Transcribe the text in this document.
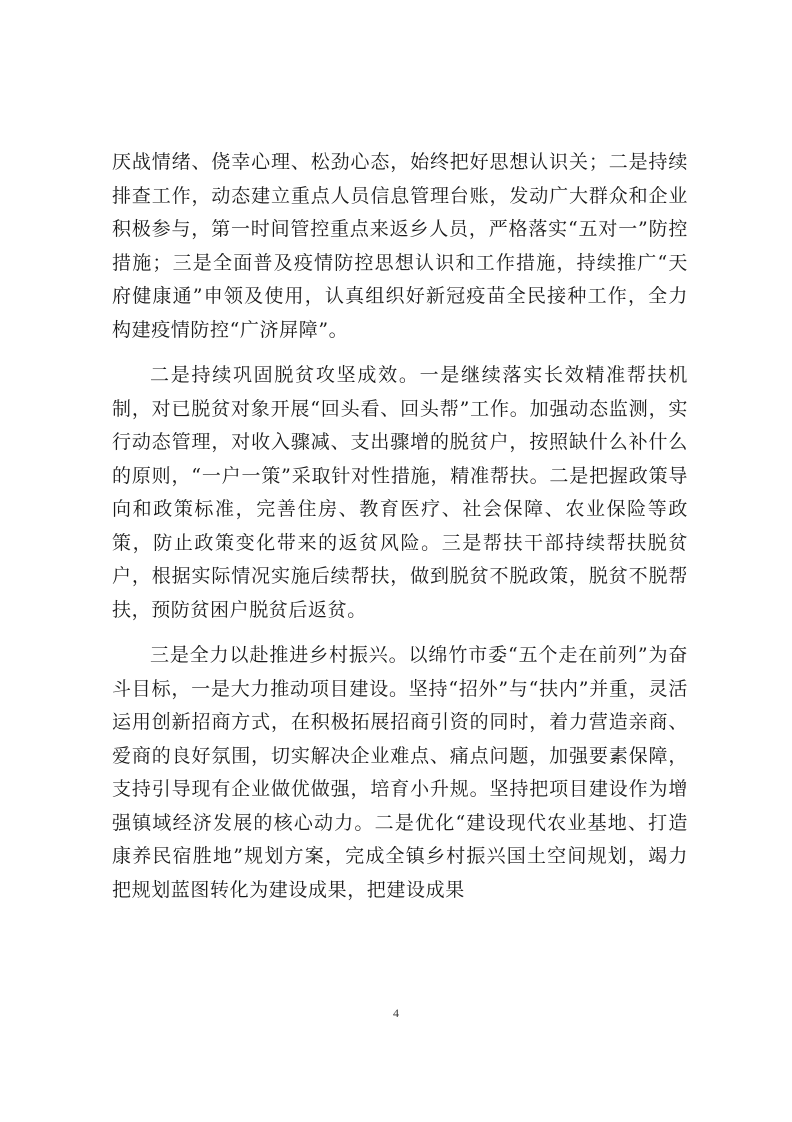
厌战情绪、侥幸心理、松劲心态，始终把好思想认识关；二是持续排查工作，动态建立重点人员信息管理台账，发动广大群众和企业积极参与，第一时间管控重点来返乡人员，严格落实“五对一”防控措施；三是全面普及疫情防控思想认识和工作措施，持续推广“天府健康通”申领及使用，认真组织好新冠疫苗全民接种工作，全力构建疫情防控“广济屏障”。

二是持续巩固脱贫攻坚成效。一是继续落实长效精准帮扶机制，对已脱贫对象开展“回头看、回头帮”工作。加强动态监测，实行动态管理，对收入骤减、支出骤增的脱贫户，按照缺什么补什么的原则，“一户一策”采取针对性措施，精准帮扶。二是把握政策导向和政策标准，完善住房、教育医疗、社会保障、农业保险等政策，防止政策变化带来的返贫风险。三是帮扶干部持续帮扶脱贫户，根据实际情况实施后续帮扶，做到脱贫不脱政策，脱贫不脱帮扶，预防贫困户脱贫后返贫。

三是全力以赴推进乡村振兴。以绵竹市委“五个走在前列”为奋斗目标，一是大力推动项目建设。坚持“招外”与“扶内”并重，灵活运用创新招商方式，在积极拓展招商引资的同时，着力营造亲商、爱商的良好氛围，切实解决企业难点、痛点问题，加强要素保障，支持引导现有企业做优做强，培育小升规。坚持把项目建设作为增强镇域经济发展的核心动力。二是优化“建设现代农业基地、打造康养民宿胜地”规划方案，完成全镇乡村振兴国土空间规划，竭力把规划蓝图转化为建设成果，把建设成果

4
